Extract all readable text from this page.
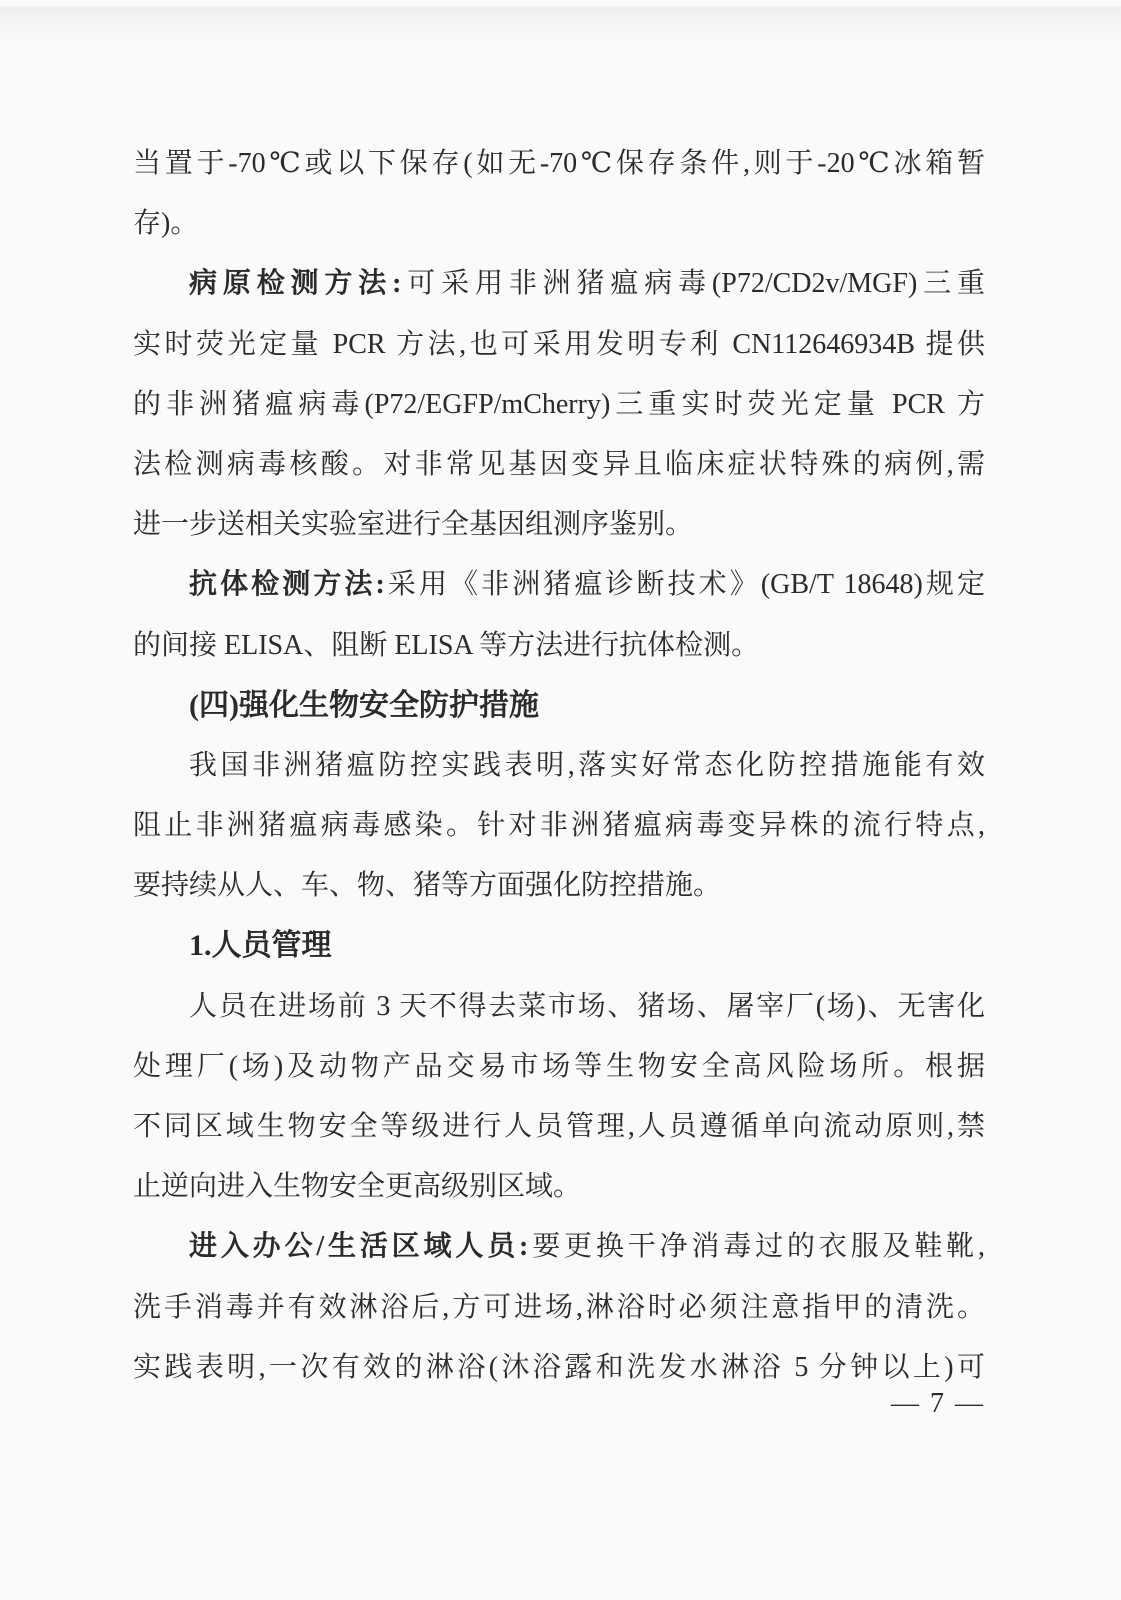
当置于-70℃或以下保存(如无-70℃保存条件,则于-20℃冰箱暂
存)。
病原检测方法:可采用非洲猪瘟病毒(P72/CD2v/MGF)三重
实时荧光定量 PCR 方法,也可采用发明专利 CN112646934B 提供
的非洲猪瘟病毒(P72/EGFP/mCherry)三重实时荧光定量 PCR 方
法检测病毒核酸。对非常见基因变异且临床症状特殊的病例,需
进一步送相关实验室进行全基因组测序鉴别。
抗体检测方法:采用《非洲猪瘟诊断技术》(GB/T 18648)规定
的间接 ELISA、阻断 ELISA 等方法进行抗体检测。
(四)强化生物安全防护措施
我国非洲猪瘟防控实践表明,落实好常态化防控措施能有效
阻止非洲猪瘟病毒感染。针对非洲猪瘟病毒变异株的流行特点,
要持续从人、车、物、猪等方面强化防控措施。
1.人员管理
人员在进场前 3 天不得去菜市场、猪场、屠宰厂(场)、无害化
处理厂(场)及动物产品交易市场等生物安全高风险场所。根据
不同区域生物安全等级进行人员管理,人员遵循单向流动原则,禁
止逆向进入生物安全更高级别区域。
进入办公/生活区域人员:要更换干净消毒过的衣服及鞋靴,
洗手消毒并有效淋浴后,方可进场,淋浴时必须注意指甲的清洗。
实践表明,一次有效的淋浴(沐浴露和洗发水淋浴 5 分钟以上)可
— 7 —
